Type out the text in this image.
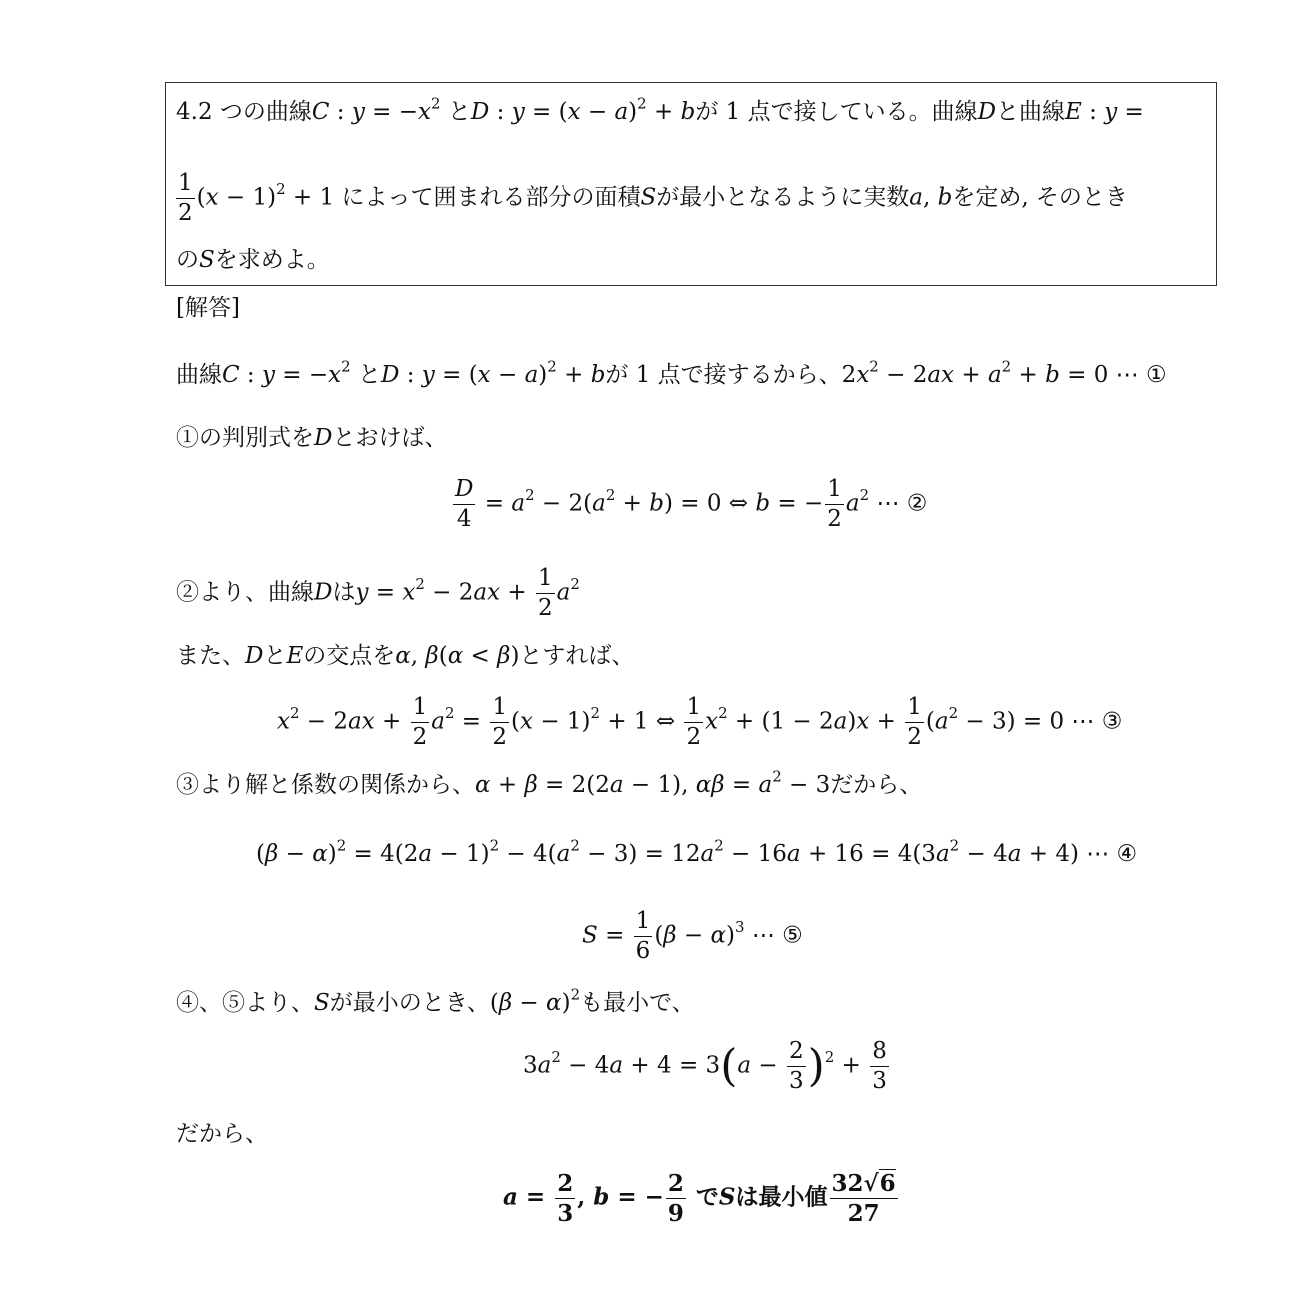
4.2 つの曲線C : $y = -x^2$ とD : $y = (x - a)^2 + b$が 1 点で接している。曲線Dと曲線E : y =
$\frac{1}{2} (x - 1)^2 + 1$ によって囲まれる部分の面積Sが最小となるように実数a, bを定め, そのとき
のSを求めよ。
[解答]
曲線C : $y = -x^2$ とD : $y = (x - a)^2 + b$が 1 点で接するから、$2x^2 - 2ax + a^2 + b = 0$ ⋯ ①
①の判別式をDとおけば、
$\frac{D}{4} = a^2 - 2(a^2 + b) = 0$ ⇔ b = − $\frac{1}{2} a^2$ ⋯ ②
②より、曲線Dは$y = x^2 - 2ax + \frac{1}{2} a^2$
また、DとEの交点をα, β(α < β)とすれば、
$x^2 - 2ax + \frac{1}{2} a^2 = \frac{1}{2} (x - 1)^2 + 1$ ⇔ $\frac{1}{2} x^2 + (1 - 2a)x + \frac{1}{2} (a^2 - 3) = 0$ ⋯ ③
③より解と係数の関係から、α + β = 2(2a − 1), $\alpha\beta = a^2 - 3$だから、
$(\beta - \alpha)^2 = 4(2a - 1)^2 - 4(a^2 - 3) = 12a^2 - 16a + 16 = 4(3a^2 - 4a + 4)$ ⋯ ④
$S = \frac{1}{6} (\beta - \alpha)^3$ ⋯ ⑤
④、⑤より、Sが最小のとき、$(\beta - \alpha)^2$も最小で、
$3a^2 - 4a + 4 = 3(a - \frac{2}{3} )^2 + \frac{8}{3}$
だから、
$a = \frac{2}{3}$ , b = − $\frac{2}{9}$ でSは最小値 $\frac{32√6}{27}$
